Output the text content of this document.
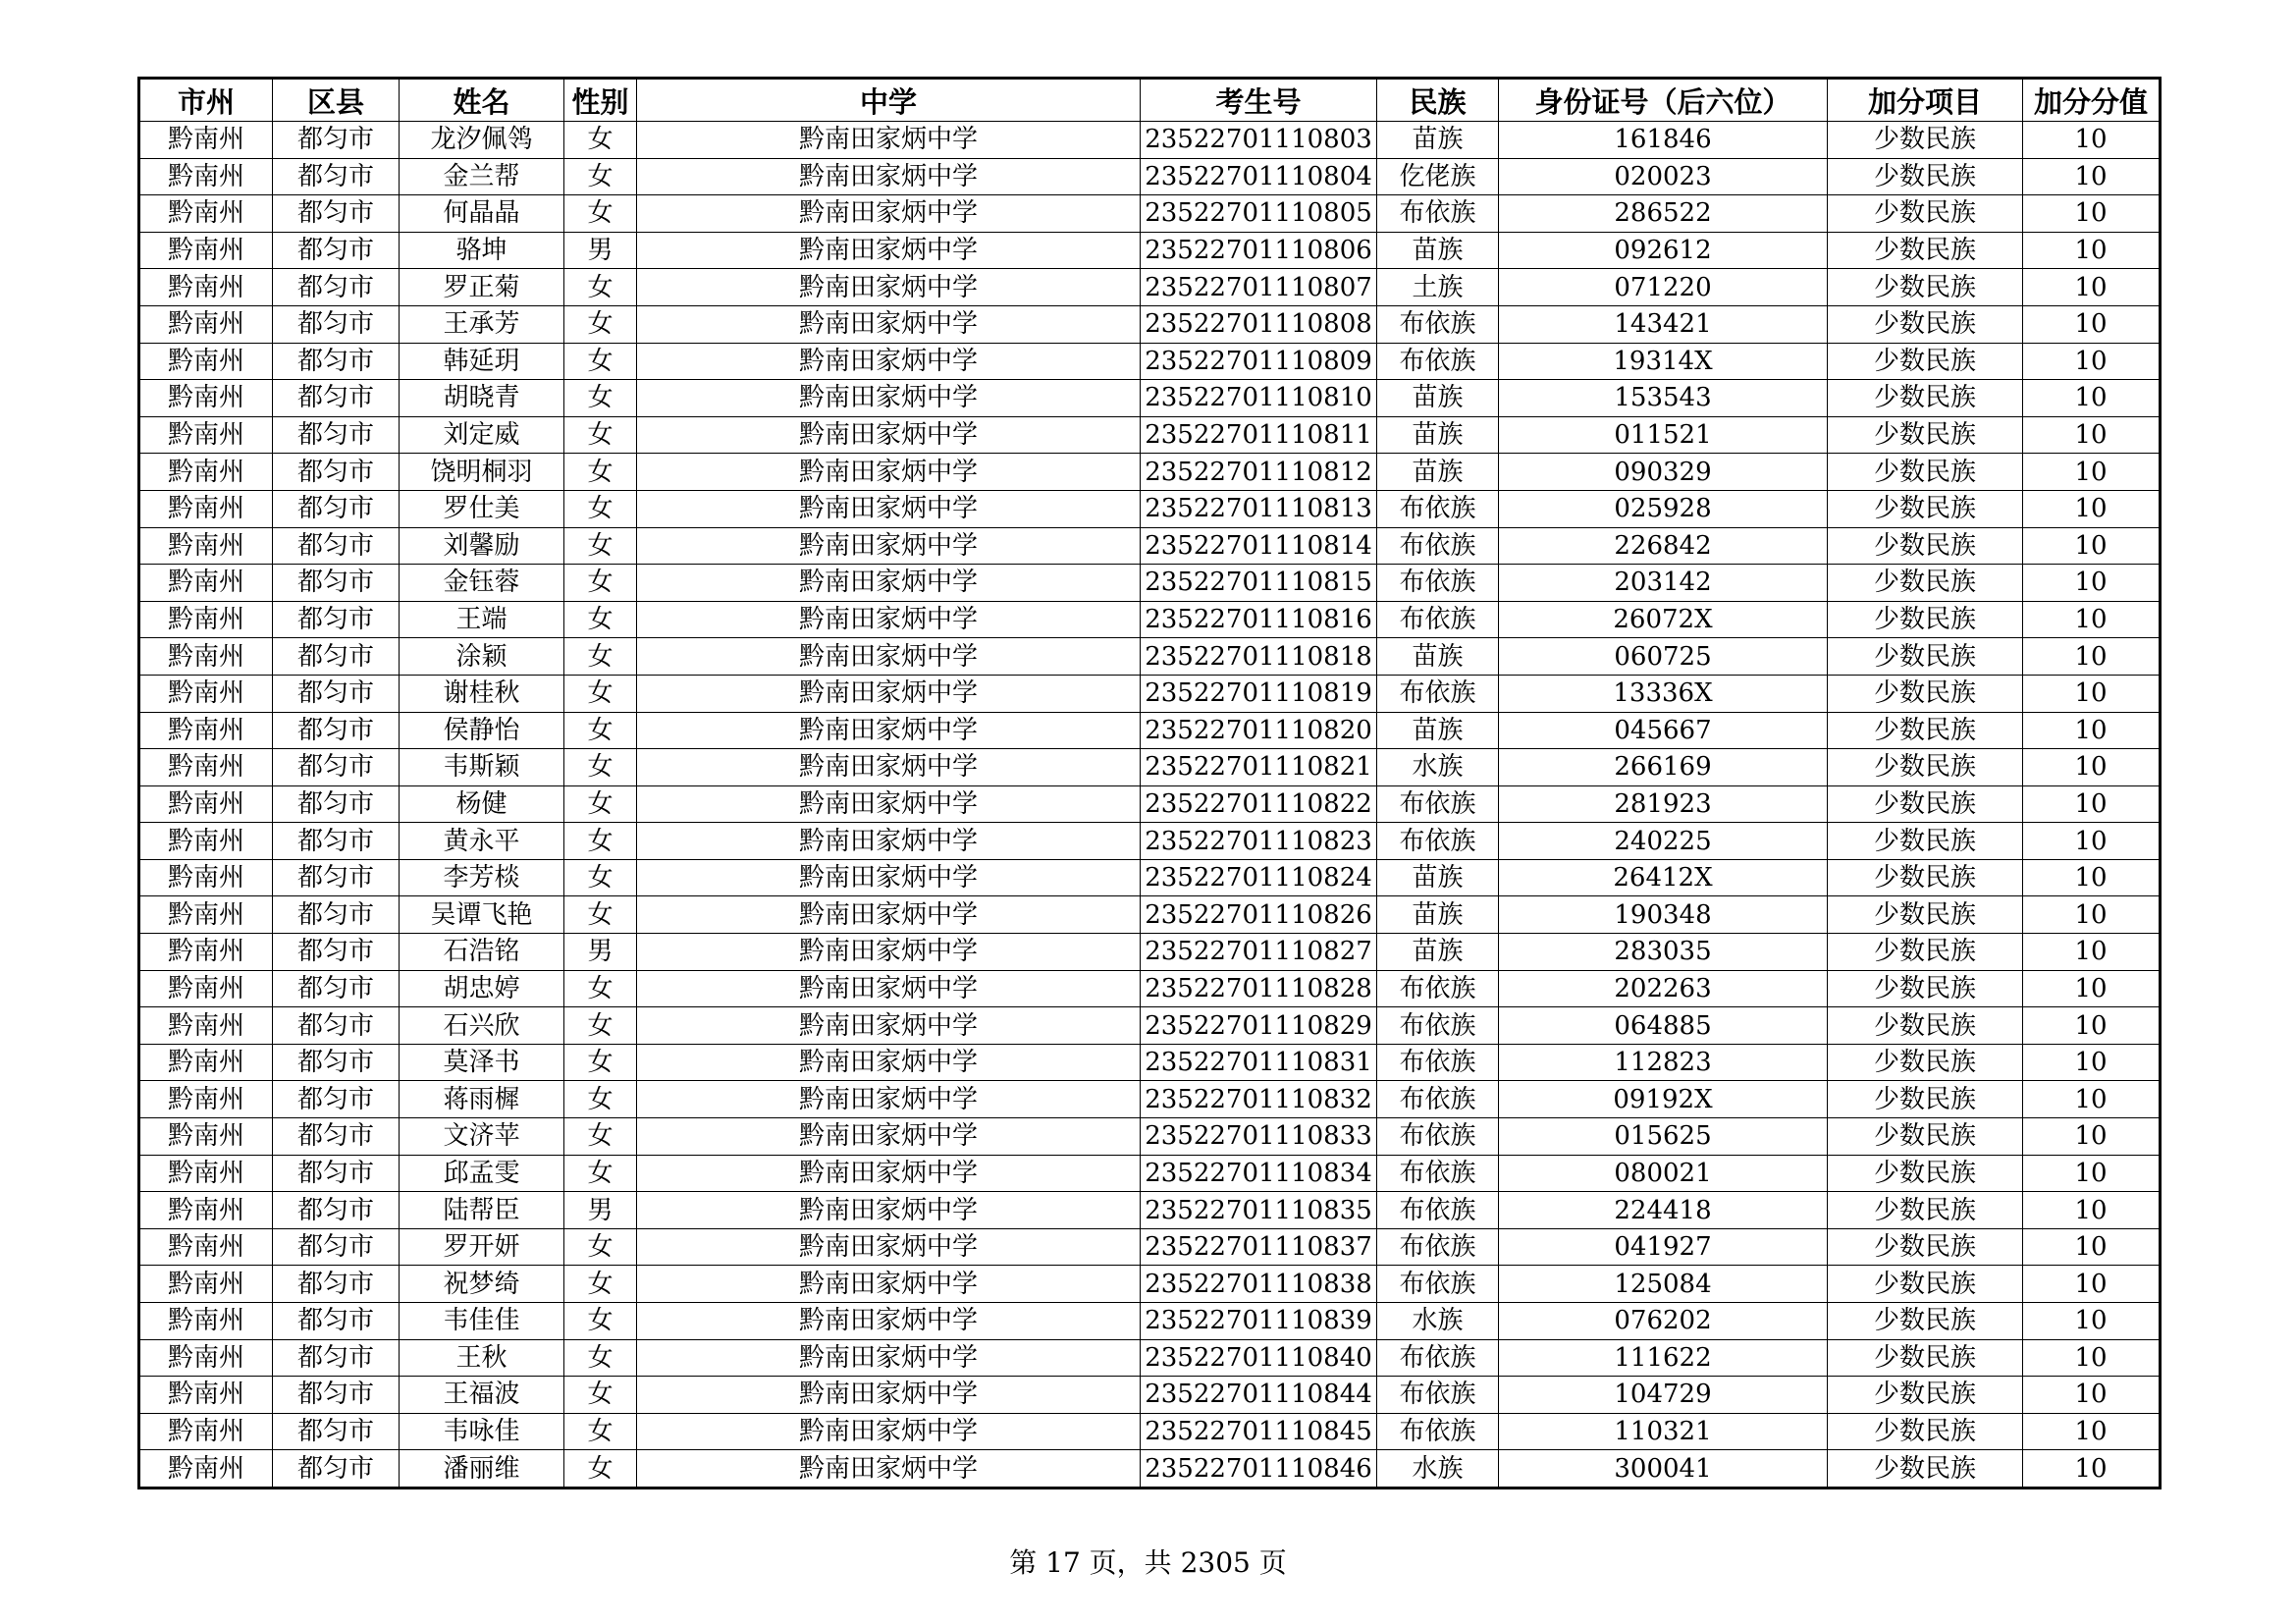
市州	区县	姓名	性别	中学	考生号	民族	身份证号（后六位）	加分项目	加分分值
黔南州	都匀市	龙汐佩鸰	女	黔南田家炳中学	23522701110803	苗族	161846	少数民族	10
黔南州	都匀市	金兰帮	女	黔南田家炳中学	23522701110804	仡佬族	020023	少数民族	10
黔南州	都匀市	何晶晶	女	黔南田家炳中学	23522701110805	布依族	286522	少数民族	10
黔南州	都匀市	骆坤	男	黔南田家炳中学	23522701110806	苗族	092612	少数民族	10
黔南州	都匀市	罗正菊	女	黔南田家炳中学	23522701110807	土族	071220	少数民族	10
黔南州	都匀市	王承芳	女	黔南田家炳中学	23522701110808	布依族	143421	少数民族	10
黔南州	都匀市	韩延玥	女	黔南田家炳中学	23522701110809	布依族	19314X	少数民族	10
黔南州	都匀市	胡晓青	女	黔南田家炳中学	23522701110810	苗族	153543	少数民族	10
黔南州	都匀市	刘定威	女	黔南田家炳中学	23522701110811	苗族	011521	少数民族	10
黔南州	都匀市	饶明桐羽	女	黔南田家炳中学	23522701110812	苗族	090329	少数民族	10
黔南州	都匀市	罗仕美	女	黔南田家炳中学	23522701110813	布依族	025928	少数民族	10
黔南州	都匀市	刘馨励	女	黔南田家炳中学	23522701110814	布依族	226842	少数民族	10
黔南州	都匀市	金钰蓉	女	黔南田家炳中学	23522701110815	布依族	203142	少数民族	10
黔南州	都匀市	王端	女	黔南田家炳中学	23522701110816	布依族	26072X	少数民族	10
黔南州	都匀市	涂颖	女	黔南田家炳中学	23522701110818	苗族	060725	少数民族	10
黔南州	都匀市	谢桂秋	女	黔南田家炳中学	23522701110819	布依族	13336X	少数民族	10
黔南州	都匀市	侯静怡	女	黔南田家炳中学	23522701110820	苗族	045667	少数民族	10
黔南州	都匀市	韦斯颖	女	黔南田家炳中学	23522701110821	水族	266169	少数民族	10
黔南州	都匀市	杨健	女	黔南田家炳中学	23522701110822	布依族	281923	少数民族	10
黔南州	都匀市	黄永平	女	黔南田家炳中学	23522701110823	布依族	240225	少数民族	10
黔南州	都匀市	李芳棪	女	黔南田家炳中学	23522701110824	苗族	26412X	少数民族	10
黔南州	都匀市	吴谭飞艳	女	黔南田家炳中学	23522701110826	苗族	190348	少数民族	10
黔南州	都匀市	石浩铭	男	黔南田家炳中学	23522701110827	苗族	283035	少数民族	10
黔南州	都匀市	胡忠婷	女	黔南田家炳中学	23522701110828	布依族	202263	少数民族	10
黔南州	都匀市	石兴欣	女	黔南田家炳中学	23522701110829	布依族	064885	少数民族	10
黔南州	都匀市	莫泽书	女	黔南田家炳中学	23522701110831	布依族	112823	少数民族	10
黔南州	都匀市	蒋雨樨	女	黔南田家炳中学	23522701110832	布依族	09192X	少数民族	10
黔南州	都匀市	文济苹	女	黔南田家炳中学	23522701110833	布依族	015625	少数民族	10
黔南州	都匀市	邱孟雯	女	黔南田家炳中学	23522701110834	布依族	080021	少数民族	10
黔南州	都匀市	陆帮臣	男	黔南田家炳中学	23522701110835	布依族	224418	少数民族	10
黔南州	都匀市	罗开妍	女	黔南田家炳中学	23522701110837	布依族	041927	少数民族	10
黔南州	都匀市	祝梦绮	女	黔南田家炳中学	23522701110838	布依族	125084	少数民族	10
黔南州	都匀市	韦佳佳	女	黔南田家炳中学	23522701110839	水族	076202	少数民族	10
黔南州	都匀市	王秋	女	黔南田家炳中学	23522701110840	布依族	111622	少数民族	10
黔南州	都匀市	王福波	女	黔南田家炳中学	23522701110844	布依族	104729	少数民族	10
黔南州	都匀市	韦咏佳	女	黔南田家炳中学	23522701110845	布依族	110321	少数民族	10
黔南州	都匀市	潘丽维	女	黔南田家炳中学	23522701110846	水族	300041	少数民族	10
第 17 页，共 2305 页
